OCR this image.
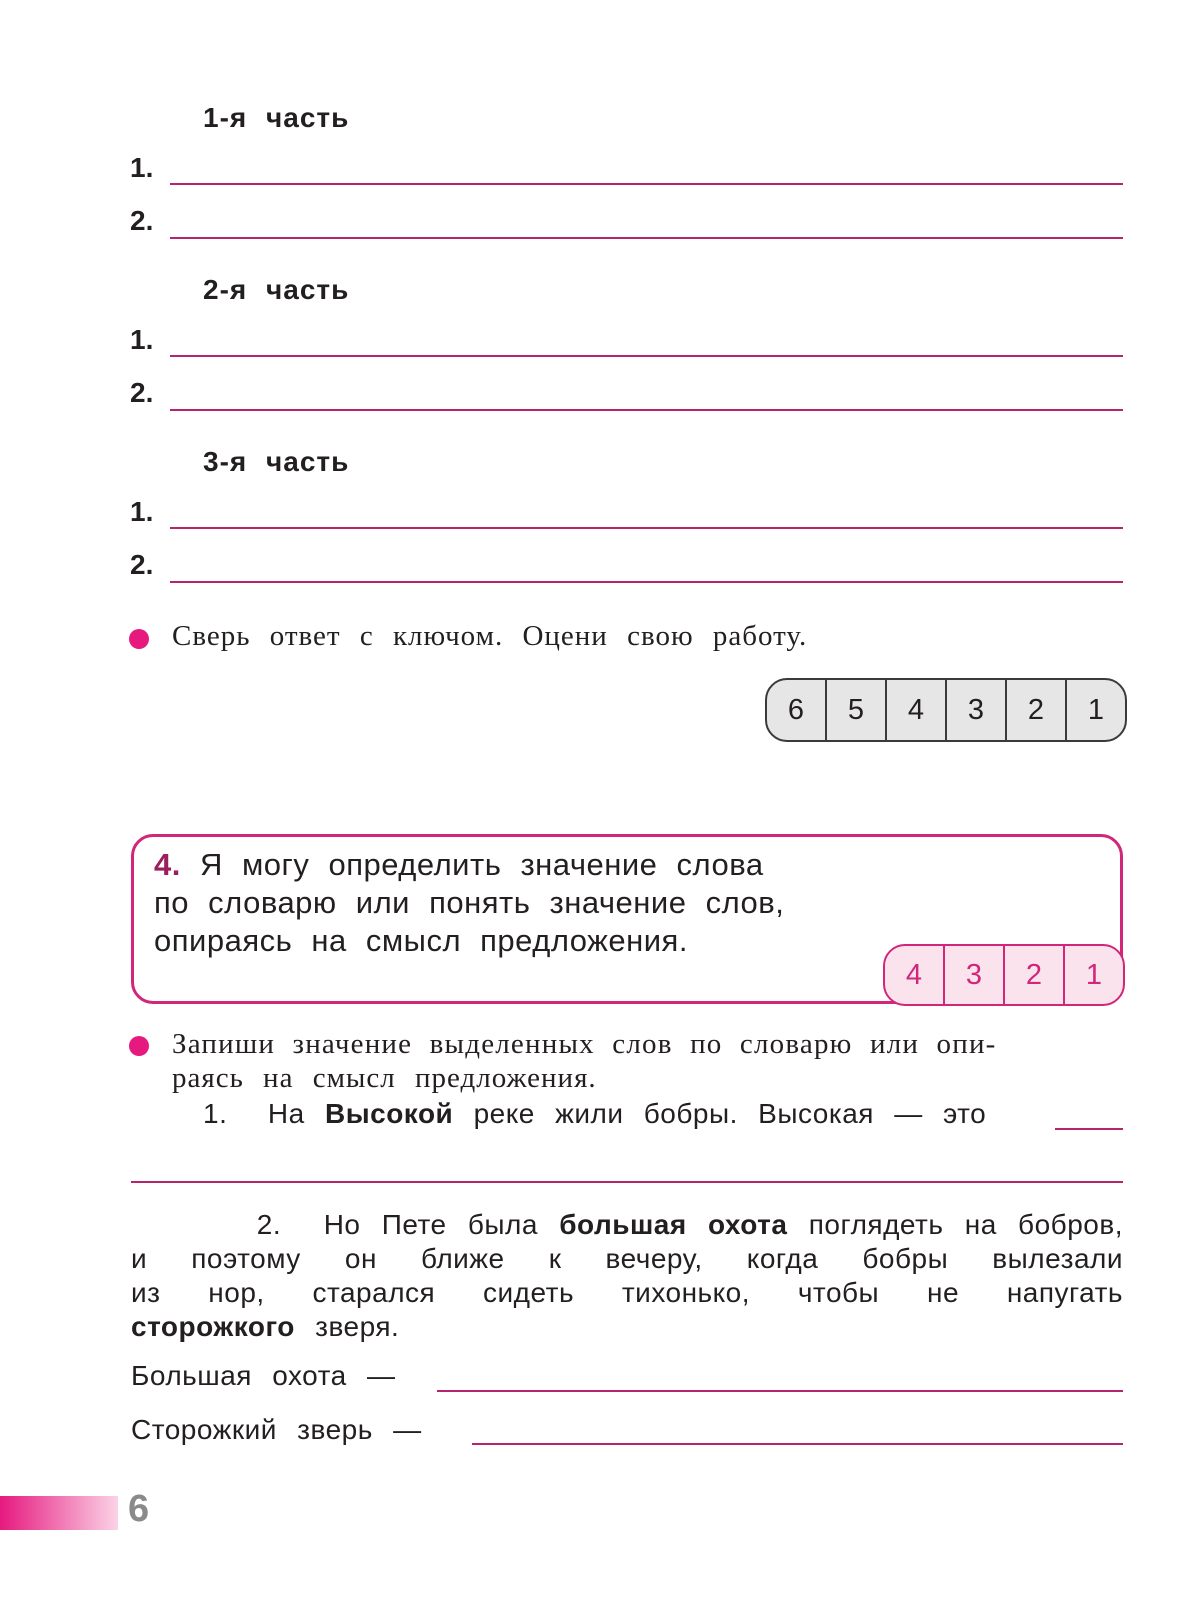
1-я часть
1.
2.
2-я часть
1.
2.
3-я часть
1.
2.
Сверь ответ с ключом. Оцени свою работу.
6	5	4	3	2	1
4. Я могу определить значение слова
по словарю или понять значение слов,
опираясь на смысл предложения.
4	3	2	1
Запиши значение выделенных слов по словарю или опи-
раясь на смысл предложения.
1. На Высокой реке жили бобры. Высокая — это
2. Но Пете была большая охота поглядеть на бобров,
и поэтому он ближе к вечеру, когда бобры вылезали
из нор, старался сидеть тихонько, чтобы не напугать
сторожкого зверя.
Большая охота —
Сторожкий зверь —
6
